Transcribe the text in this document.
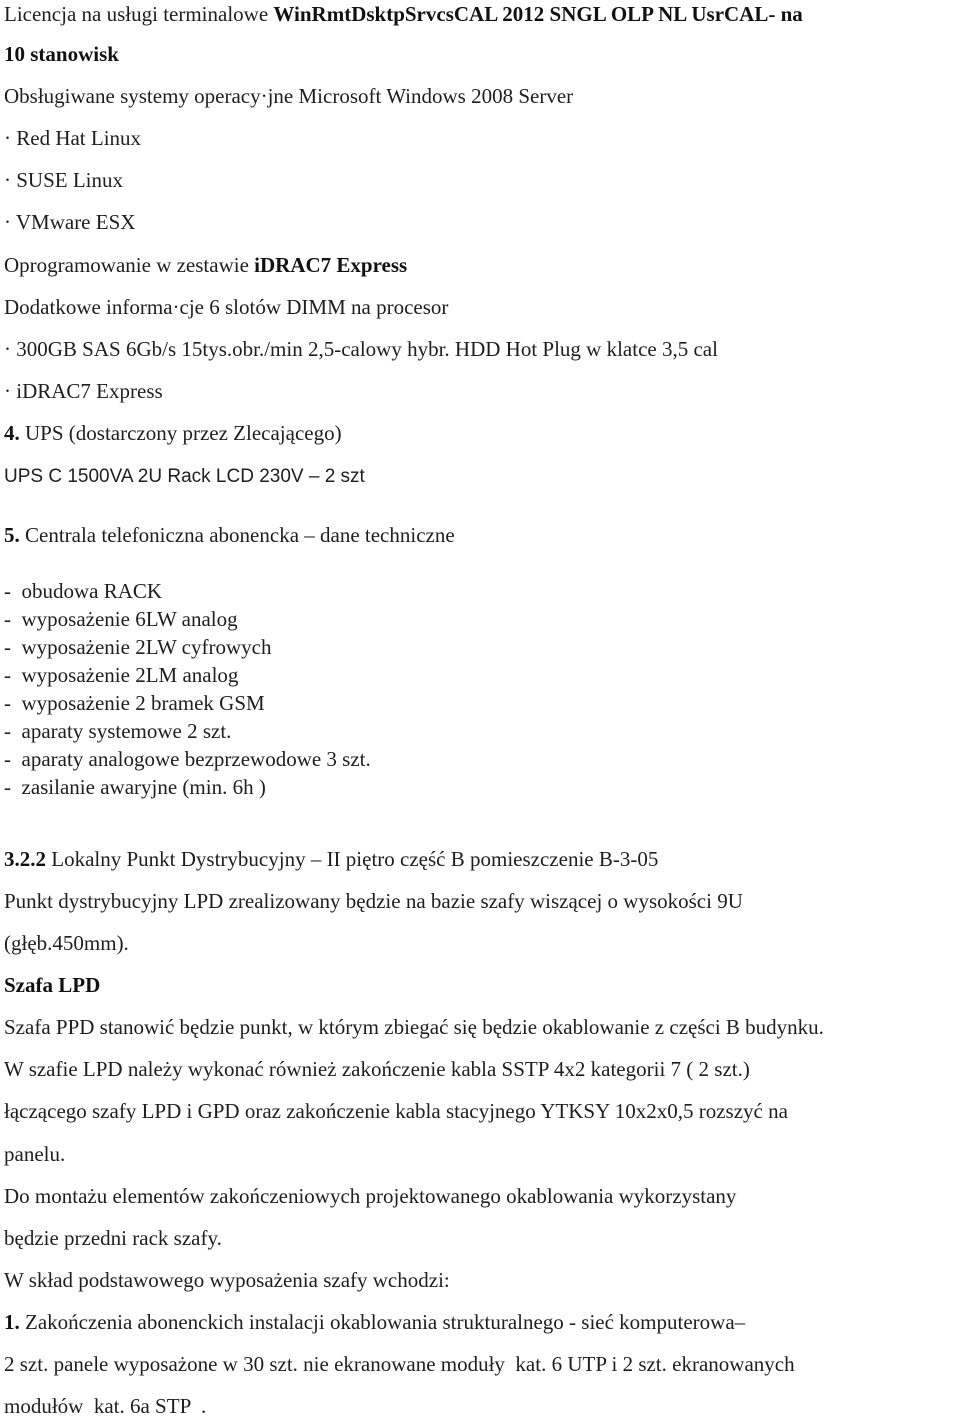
Licencja na usługi terminalowe WinRmtDsktpSrvcsCAL 2012 SNGL OLP NL UsrCAL- na
10 stanowisk
Obsługiwane systemy operacy·jne Microsoft Windows 2008 Server
· Red Hat Linux
· SUSE Linux
· VMware ESX
Oprogramowanie w zestawie iDRAC7 Express
Dodatkowe informa·cje 6 slotów DIMM na procesor
· 300GB SAS 6Gb/s 15tys.obr./min 2,5-calowy hybr. HDD Hot Plug w klatce 3,5 cal
· iDRAC7 Express
4. UPS (dostarczony przez Zlecającego)
UPS C 1500VA 2U Rack LCD 230V – 2 szt
5. Centrala telefoniczna abonencka – dane techniczne
-  obudowa RACK
-  wyposażenie 6LW analog
-  wyposażenie 2LW cyfrowych
-  wyposażenie 2LM analog
-  wyposażenie 2 bramek GSM
-  aparaty systemowe 2 szt.
-  aparaty analogowe bezprzewodowe 3 szt.
-  zasilanie awaryjne (min. 6h )
3.2.2 Lokalny Punkt Dystrybucyjny – II piętro część B pomieszczenie B-3-05
Punkt dystrybucyjny LPD zrealizowany będzie na bazie szafy wiszącej o wysokości 9U
(głęb.450mm).
Szafa LPD
Szafa PPD stanowić będzie punkt, w którym zbiegać się będzie okablowanie z części B budynku.
W szafie LPD należy wykonać również zakończenie kabla SSTP 4x2 kategorii 7 ( 2 szt.)
łączącego szafy LPD i GPD oraz zakończenie kabla stacyjnego YTKSY 10x2x0,5 rozszyć na
panelu.
Do montażu elementów zakończeniowych projektowanego okablowania wykorzystany
będzie przedni rack szafy.
W skład podstawowego wyposażenia szafy wchodzi:
1. Zakończenia abonenckich instalacji okablowania strukturalnego - sieć komputerowa–
2 szt. panele wyposażone w 30 szt. nie ekranowane moduły  kat. 6 UTP i 2 szt. ekranowanych
modułów  kat. 6a STP  .
